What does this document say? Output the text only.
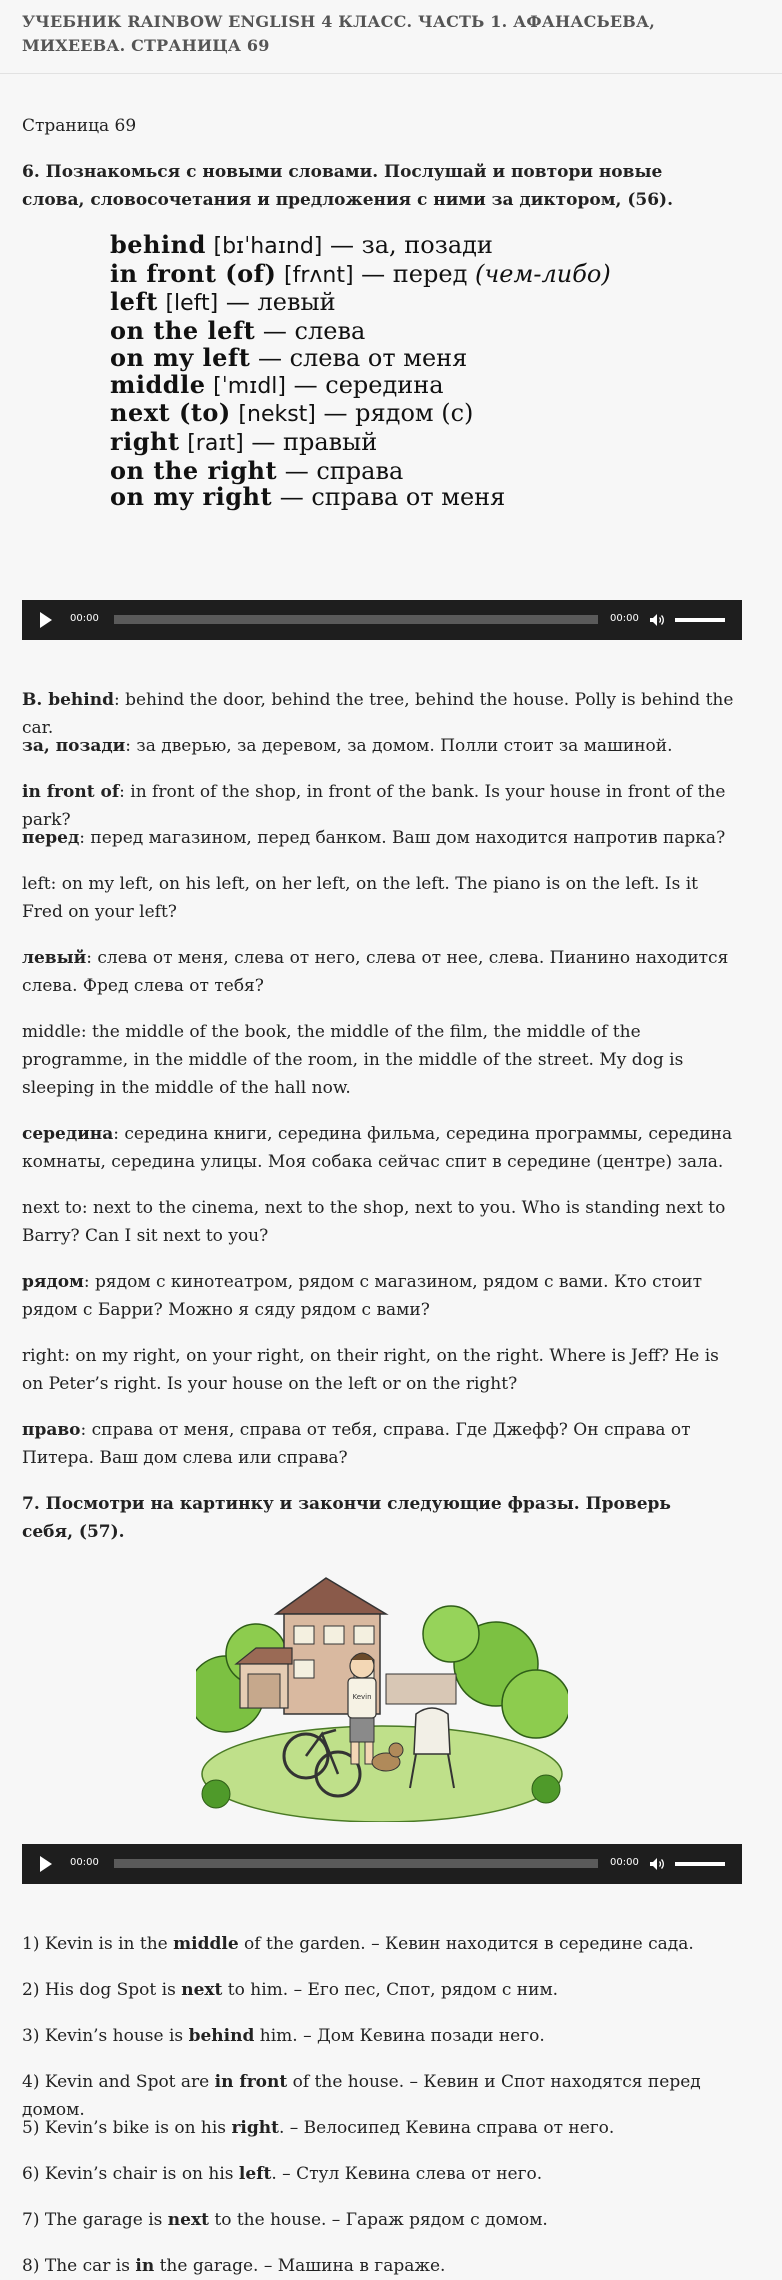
УЧЕБНИК RAINBOW ENGLISH 4 КЛАСС. ЧАСТЬ 1. АФАНАСЬЕВА, МИХЕЕВА. СТРАНИЦА 69

Страница 69

6. Познакомься с новыми словами. Послушай и повтори новые слова, словосочетания и предложения с ними за диктором, (56).
behind [bɪˈhaɪnd] — за, позади
in front (of) [frʌnt] — перед (чем-либо)
left [left] — левый
on the left — слева
on my left — слева от меня
middle [ˈmɪdl] — середина
next (to) [nekst] — рядом (с)
right [raɪt] — правый
on the right — справа
on my right — справа от меня
00:00	00:00

B. behind: behind the door, behind the tree, behind the house. Polly is behind the car.

за, позади: за дверью, за деревом, за домом. Полли стоит за машиной.

in front of: in front of the shop, in front of the bank. Is your house in front of the park?

перед: перед магазином, перед банком. Ваш дом находится напротив парка?

left: on my left, on his left, on her left, on the left. The piano is on the left. Is it Fred on your left?

левый: слева от меня, слева от него, слева от нее, слева. Пианино находится слева. Фред слева от тебя?

middle: the middle of the book, the middle of the film, the middle of the programme, in the middle of the room, in the middle of the street. My dog is sleeping in the middle of the hall now.

середина: середина книги, середина фильма, середина программы, середина комнаты, середина улицы. Моя собака сейчас спит в середине (центре) зала.

next to: next to the cinema, next to the shop, next to you. Who is standing next to Barry? Can I sit next to you?

рядом: рядом с кинотеатром, рядом с магазином, рядом с вами. Кто стоит рядом с Барри? Можно я сяду рядом с вами?

right: on my right, on your right, on their right, on the right. Where is Jeff? He is on Peter’s right. Is your house on the left or on the right?

право: справа от меня, справа от тебя, справа. Где Джефф? Он справа от Питера. Ваш дом слева или справа?

7. Посмотри на картинку и закончи следующие фразы. Проверь себя, (57).
Kevin
00:00	00:00

1) Kevin is in the middle of the garden. – Кевин находится в середине сада.

2) His dog Spot is next to him. – Его пес, Спот, рядом с ним.

3) Kevin’s house is behind him. – Дом Кевина позади него.

4) Kevin and Spot are in front of the house. – Кевин и Спот находятся перед домом.

5) Kevin’s bike is on his right. – Велосипед Кевина справа от него.

6) Kevin’s chair is on his left. – Стул Кевина слева от него.

7) The garage is next to the house. – Гараж рядом с домом.

8) The car is in the garage. – Машина в гараже.
